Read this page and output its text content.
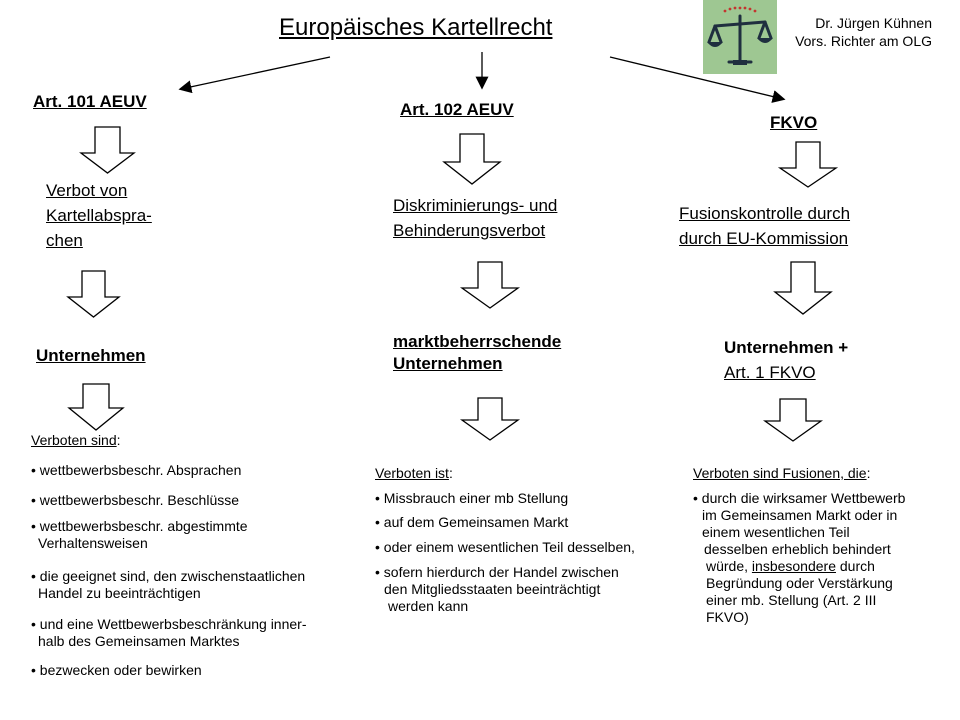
Europäisches Kartellrecht	Dr. Jürgen Kühnen
Vors. Richter am OLG
Art. 101 AEUV
Verbot von
Kartellabspra-
chen
Unternehmen
Verboten sind:
• wettbewerbsbeschr. Absprachen
• wettbewerbsbeschr. Beschlüsse
• wettbewerbsbeschr. abgestimmte
Verhaltensweisen
• die geeignet sind, den zwischenstaatlichen
Handel zu beeinträchtigen
• und eine Wettbewerbsbeschränkung inner-
halb des Gemeinsamen Marktes
• bezwecken oder bewirken
Art. 102 AEUV
Diskriminierungs- und
Behinderungsverbot
marktbeherrschende
Unternehmen
Verboten ist:
• Missbrauch einer mb Stellung
• auf dem Gemeinsamen Markt
• oder einem wesentlichen Teil desselben,
• sofern hierdurch der Handel zwischen
den Mitgliedsstaaten beeinträchtigt
werden kann
FKVO
Fusionskontrolle durch
durch EU-Kommission
Unternehmen +
Art. 1 FKVO
Verboten sind Fusionen, die:
• durch die wirksamer Wettbewerb
im Gemeinsamen Markt oder in
einem wesentlichen Teil
desselben erheblich behindert
würde, insbesondere durch
Begründung oder Verstärkung
einer mb. Stellung (Art. 2 III
FKVO)
